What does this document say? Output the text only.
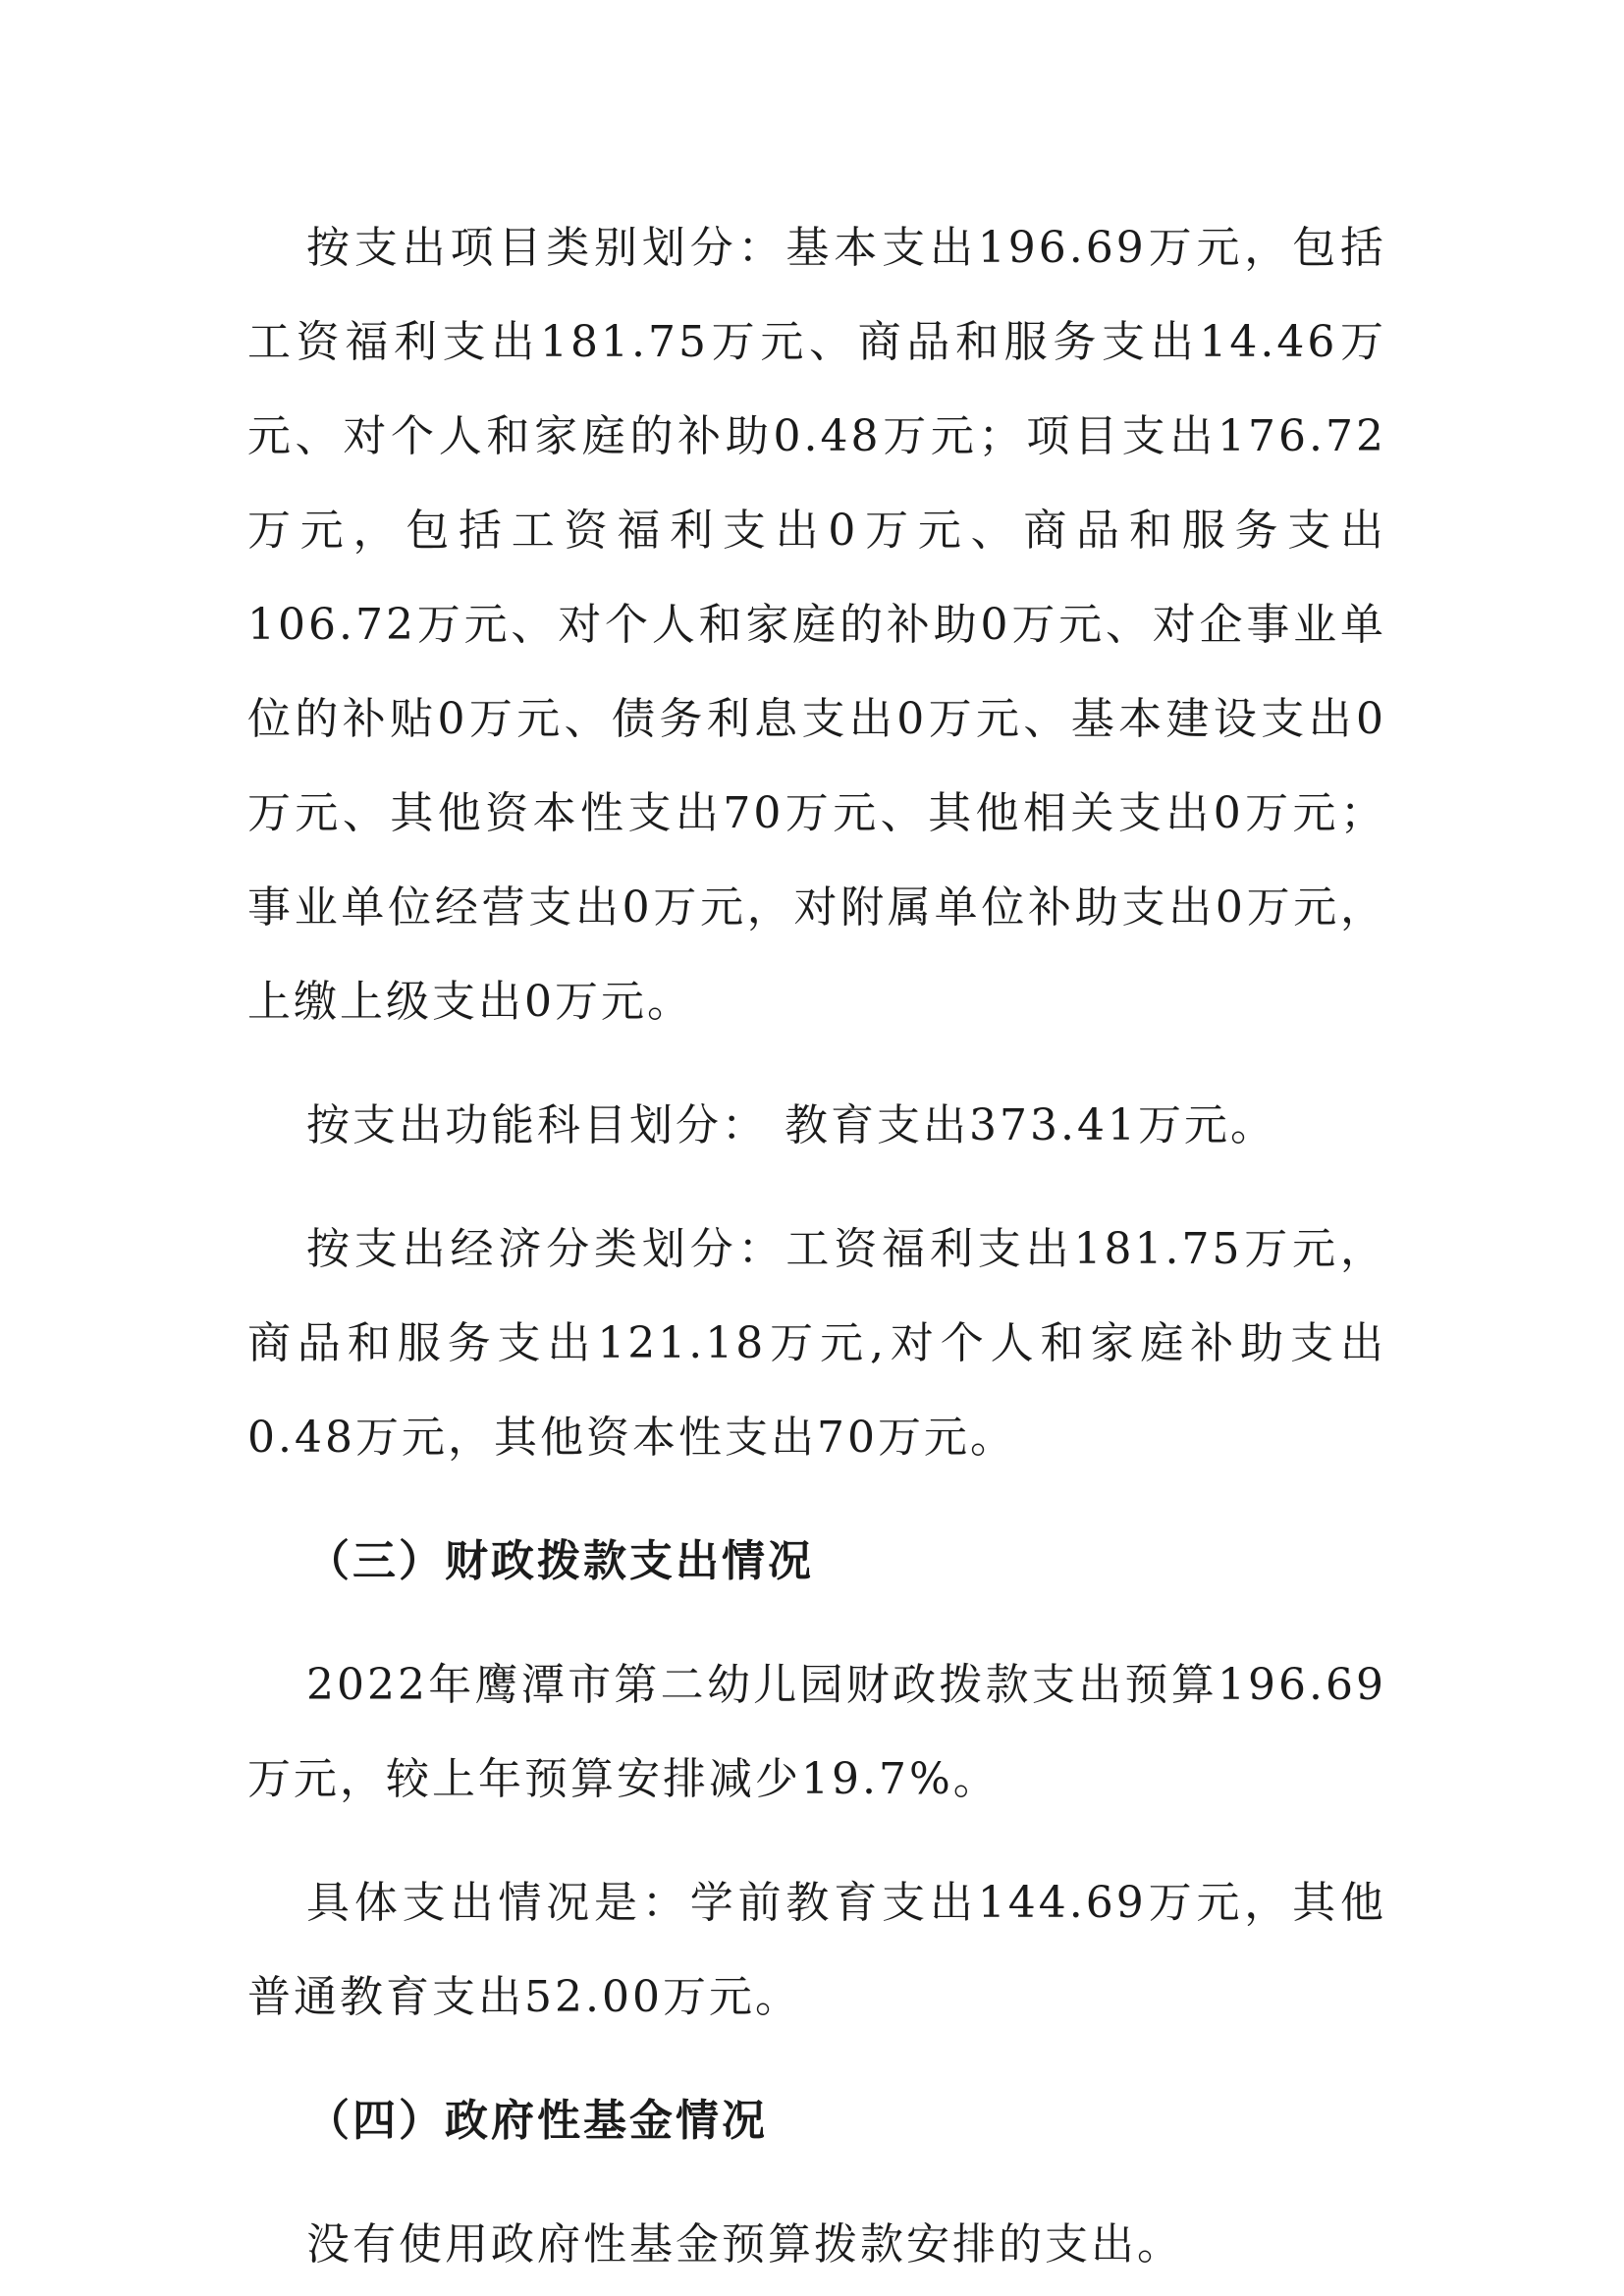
按支出项目类别划分：基本支出196.69万元，包括工资福利支出181.75万元、商品和服务支出14.46万元、对个人和家庭的补助0.48万元；项目支出176.72万元，包括工资福利支出0万元、商品和服务支出106.72万元、对个人和家庭的补助0万元、对企事业单位的补贴0万元、债务利息支出0万元、基本建设支出0万元、其他资本性支出70万元、其他相关支出0万元；事业单位经营支出0万元，对附属单位补助支出0万元，上缴上级支出0万元。

按支出功能科目划分： 教育支出373.41万元。

按支出经济分类划分：工资福利支出181.75万元，商品和服务支出121.18万元,对个人和家庭补助支出0.48万元，其他资本性支出70万元。

（三）财政拨款支出情况

2022年鹰潭市第二幼儿园财政拨款支出预算196.69 万元，较上年预算安排减少19.7%。

具体支出情况是：学前教育支出144.69万元，其他普通教育支出52.00万元。

（四）政府性基金情况

没有使用政府性基金预算拨款安排的支出。
